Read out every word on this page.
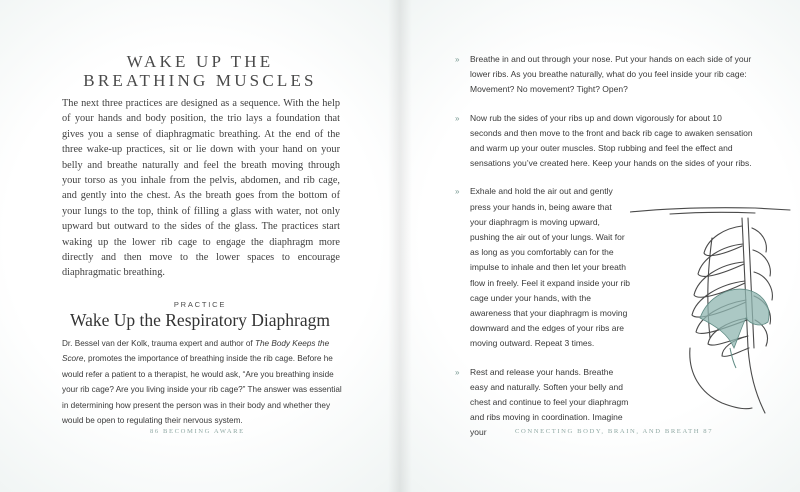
WAKE UP THE
BREATHING MUSCLES
The next three practices are designed as a sequence. With the help of your hands and body position, the trio lays a foundation that gives you a sense of diaphragmatic breathing. At the end of the three wake-up practices, sit or lie down with your hand on your belly and breathe naturally and feel the breath moving through your torso as you inhale from the pelvis, abdomen, and rib cage, and gently into the chest. As the breath goes from the bottom of your lungs to the top, think of filling a glass with water, not only upward but outward to the sides of the glass. The practices start waking up the lower rib cage to engage the diaphragm more directly and then move to the lower spaces to encourage diaphragmatic breathing.
PRACTICE
Wake Up the Respiratory Diaphragm
Dr. Bessel van der Kolk, trauma expert and author of The Body Keeps the Score, promotes the importance of breathing inside the rib cage. Before he would refer a patient to a therapist, he would ask, “Are you breathing inside your rib cage? Are you living inside your rib cage?” The answer was essential in determining how present the person was in their body and whether they would be open to regulating their nervous system.
86 BECOMING AWARE
» Breathe in and out through your nose. Put your hands on each side of your lower ribs. As you breathe naturally, what do you feel inside your rib cage: Movement? No movement? Tight? Open?
» Now rub the sides of your ribs up and down vigorously for about 10 seconds and then move to the front and back rib cage to awaken sensation and warm up your outer muscles. Stop rubbing and feel the effect and sensations you’ve created here. Keep your hands on the sides of your ribs.
» Exhale and hold the air out and gently press your hands in, being aware that your diaphragm is moving upward, pushing the air out of your lungs. Wait for as long as you comfortably can for the impulse to inhale and then let your breath flow in freely. Feel it expand inside your rib cage under your hands, with the awareness that your diaphragm is moving downward and the edges of your ribs are moving outward. Repeat 3 times.
» Rest and release your hands. Breathe easy and naturally. Soften your belly and chest and continue to feel your diaphragm and ribs moving in coordination. Imagine your	CONNECTING BODY, BRAIN, AND BREATH 87
